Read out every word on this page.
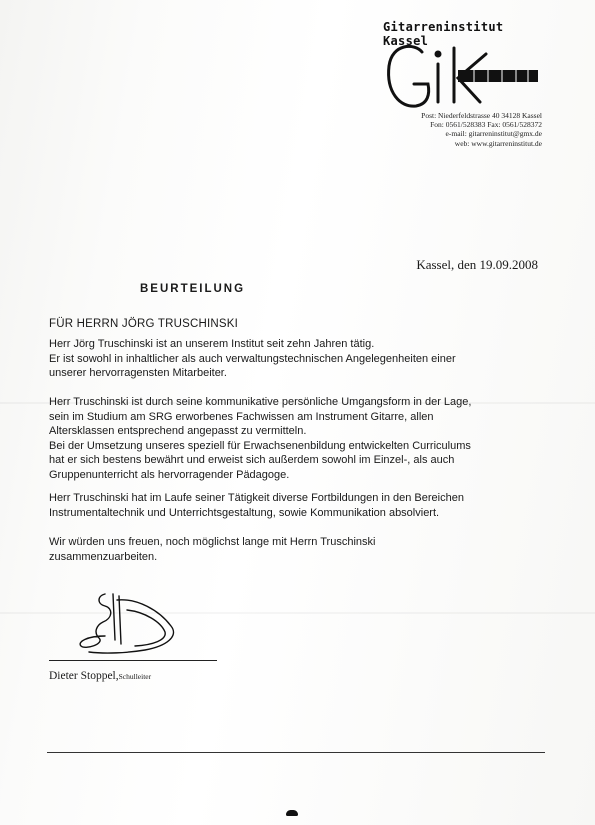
Gitarreninstitut Kassel
Post: Niederfeldstrasse 40 34128 Kassel
Fon: 0561/528383 Fax: 0561/528372
e-mail: gitarreninstitut@gmx.de
web: www.gitarreninstitut.de
Kassel, den 19.09.2008
BEURTEILUNG
FÜR HERRN JÖRG TRUSCHINSKI
Herr Jörg Truschinski ist an unserem Institut seit zehn Jahren tätig.
Er ist sowohl in inhaltlicher als auch verwaltungstechnischen Angelegenheiten einer
unserer hervorragensten Mitarbeiter.
Herr Truschinski ist durch seine kommunikative persönliche Umgangsform in der Lage,
sein im Studium am SRG erworbenes Fachwissen am Instrument Gitarre, allen
Altersklassen entsprechend angepasst zu vermitteln.
Bei der Umsetzung unseres speziell für Erwachsenenbildung entwickelten Curriculums
hat er sich bestens bewährt und erweist sich außerdem sowohl im Einzel-, als auch
Gruppenunterricht als hervorragender Pädagoge.
Herr Truschinski hat im Laufe seiner Tätigkeit diverse Fortbildungen in den Bereichen
Instrumentaltechnik und Unterrichtsgestaltung, sowie Kommunikation absolviert.
Wir würden uns freuen, noch möglichst lange mit Herrn Truschinski
zusammenzuarbeiten.
Dieter Stoppel,Schulleiter
